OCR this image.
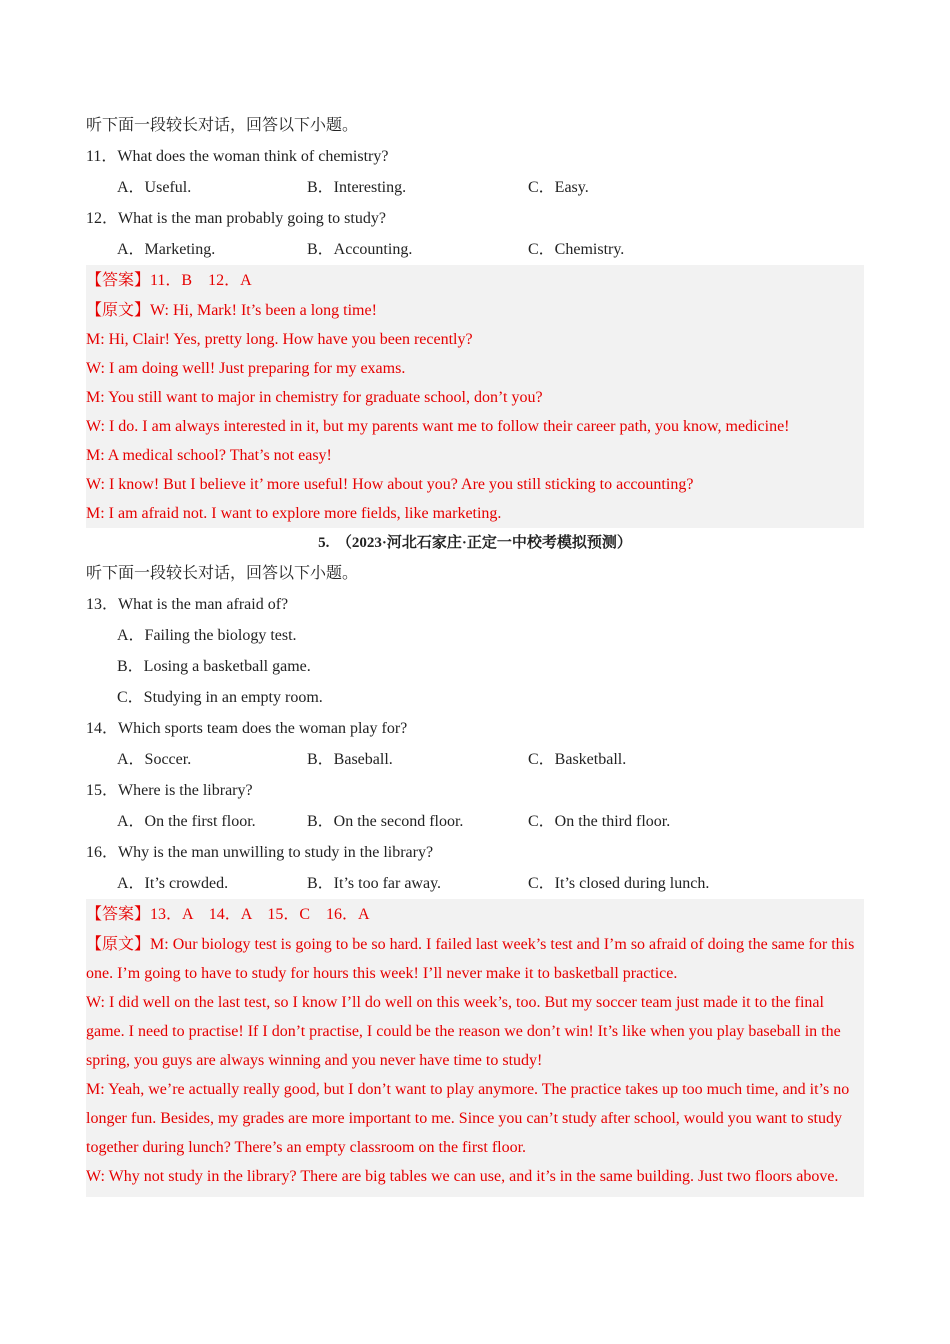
听下面一段较长对话，回答以下小题。
11．What does the woman think of chemistry?
A．Useful.	B．Interesting.	C．Easy.
12．What is the man probably going to study?
A．Marketing.	B．Accounting.	C．Chemistry.
【答案】11．B　12．A
【原文】W: Hi, Mark! It’s been a long time!
M: Hi, Clair! Yes, pretty long. How have you been recently?
W: I am doing well! Just preparing for my exams.
M: You still want to major in chemistry for graduate school, don’t you?
W: I do. I am always interested in it, but my parents want me to follow their career path, you know, medicine!
M: A medical school? That’s not easy!
W: I know! But I believe it’ more useful! How about you? Are you still sticking to accounting?
M: I am afraid not. I want to explore more fields, like marketing.
5.　（2023·河北石家庄·正定一中校考模拟预测）
听下面一段较长对话，回答以下小题。
13．What is the man afraid of?
A．Failing the biology test.
B．Losing a basketball game.
C．Studying in an empty room.
14．Which sports team does the woman play for?
A．Soccer.	B．Baseball.	C．Basketball.
15．Where is the library?
A．On the first floor.	B．On the second floor.	C．On the third floor.
16．Why is the man unwilling to study in the library?
A．It’s crowded.	B．It’s too far away.	C．It’s closed during lunch.
【答案】13．A　14．A　15．C　16．A
【原文】M: Our biology test is going to be so hard. I failed last week’s test and I’m so afraid of doing the same for this one. I’m going to have to study for hours this week! I’ll never make it to basketball practice.
W: I did well on the last test, so I know I’ll do well on this week’s, too. But my soccer team just made it to the final game. I need to practise! If I don’t practise, I could be the reason we don’t win! It’s like when you play baseball in the spring, you guys are always winning and you never have time to study!
M: Yeah, we’re actually really good, but I don’t want to play anymore. The practice takes up too much time, and it’s no longer fun. Besides, my grades are more important to me. Since you can’t study after school, would you want to study together during lunch? There’s an empty classroom on the first floor.
W: Why not study in the library? There are big tables we can use, and it’s in the same building. Just two floors above.
